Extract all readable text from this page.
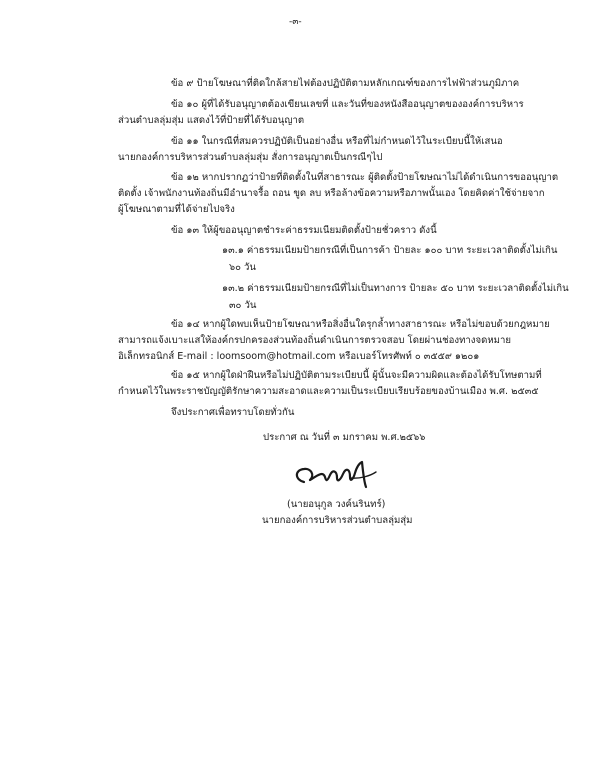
-๓-
ข้อ ๙ ป้ายโฆษณาที่ติดใกล้สายไฟต้องปฏิบัติตามหลักเกณฑ์ของการไฟฟ้าส่วนภูมิภาค
ข้อ ๑๐ ผู้ที่ได้รับอนุญาตต้องเขียนเลขที่ และวันที่ของหนังสืออนุญาตขององค์การบริหาร
ส่วนตำบลลุ่มสุ่ม แสดงไว้ที่ป้ายที่ได้รับอนุญาต
ข้อ ๑๑ ในกรณีที่สมควรปฏิบัติเป็นอย่างอื่น หรือที่ไม่กำหนดไว้ในระเบียบนี้ให้เสนอ
นายกองค์การบริหารส่วนตำบลลุ่มสุ่ม สั่งการอนุญาตเป็นกรณีๆไป
ข้อ ๑๒ หากปรากฏว่าป้ายที่ติดตั้งในที่สาธารณะ ผู้ติดตั้งป้ายโฆษณาไม่ได้ดำเนินการขออนุญาต
ติดตั้ง เจ้าพนักงานท้องถิ่นมีอำนาจรื้อ ถอน ขูด ลบ หรือล้างข้อความหรือภาพนั้นเอง โดยคิดค่าใช้จ่ายจาก
ผู้โฆษณาตามที่ได้จ่ายไปจริง
ข้อ ๑๓ ให้ผู้ขออนุญาตชำระค่าธรรมเนียมติดตั้งป้ายชั่วคราว ดังนี้
๑๓.๑ ค่าธรรมเนียมป้ายกรณีที่เป็นการค้า ป้ายละ ๑๐๐ บาท ระยะเวลาติดตั้งไม่เกิน
๖๐ วัน
๑๓.๒ ค่าธรรมเนียมป้ายกรณีที่ไม่เป็นทางการ ป้ายละ ๕๐ บาท ระยะเวลาติดตั้งไม่เกิน
๓๐ วัน
ข้อ ๑๔ หากผู้ใดพบเห็นป้ายโฆษณาหรือสิ่งอื่นใดรุกล้ำทางสาธารณะ หรือไม่ขอบด้วยกฎหมาย
สามารถแจ้งเบาะแสให้องค์กรปกครองส่วนท้องถิ่นดำเนินการตรวจสอบ โดยผ่านช่องทางจดหมาย
อิเล็กทรอนิกส์ E-mail : loomsoom@hotmail.com หรือเบอร์โทรศัพท์ ๐ ๓๕๕๙ ๑๒๐๑
ข้อ ๑๕ หากผู้ใดฝ่าฝืนหรือไม่ปฏิบัติตามระเบียบนี้ ผู้นั้นจะมีความผิดและต้องได้รับโทษตามที่
กำหนดไว้ในพระราชบัญญัติรักษาความสะอาดและความเป็นระเบียบเรียบร้อยของบ้านเมือง พ.ศ. ๒๕๓๕
จึงประกาศเพื่อทราบโดยทั่วกัน
ประกาศ ณ วันที่ ๓ มกราคม พ.ศ.๒๕๖๖
(นายอนุกูล วงค์นรินทร์)
นายกองค์การบริหารส่วนตำบลลุ่มสุ่ม
